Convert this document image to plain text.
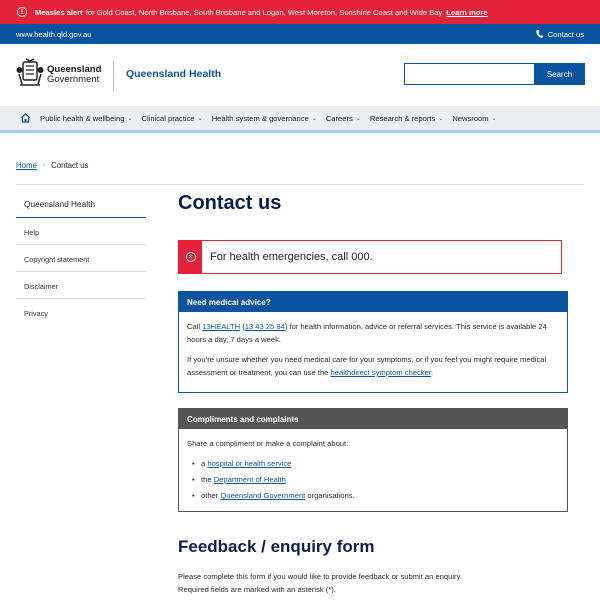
!	Measles alert for Gold Coast, North Brisbane, South Brisbane and Logan, West Moreton, Sunshine Coast and Wide Bay Learn more
www.health.qld.gov.au	Contact us
Queensland
Government	Queensland Health	Search
Public health & wellbeing ⌄ Clinical practice ⌄ Health system & governance ⌄ Careers ⌄ Research & reports ⌄ Newsroom ⌄
Home › Contact us
Queensland Health
Help
Copyright statement
Disclaimer
Privacy
Contact us
× For health emergencies, call 000.
Need medical advice?

Call 13HEALTH (13 43 25 84) for health information, advice or referral services. This service is available 24 hours a day, 7 days a week.

If you’re unsure whether you need medical care for your symptoms, or if you feel you might require medical assessment or treatment, you can use the healthdirect symptom checker.

Compliments and complaints

Share a compliment or make a complaint about:

• a hospital or health service
• the Department of Health
• other Queensland Government organisations.
Feedback / enquiry form
Please complete this form if you would like to provide feedback or submit an enquiry.
Required fields are marked with an asterisk (*).
